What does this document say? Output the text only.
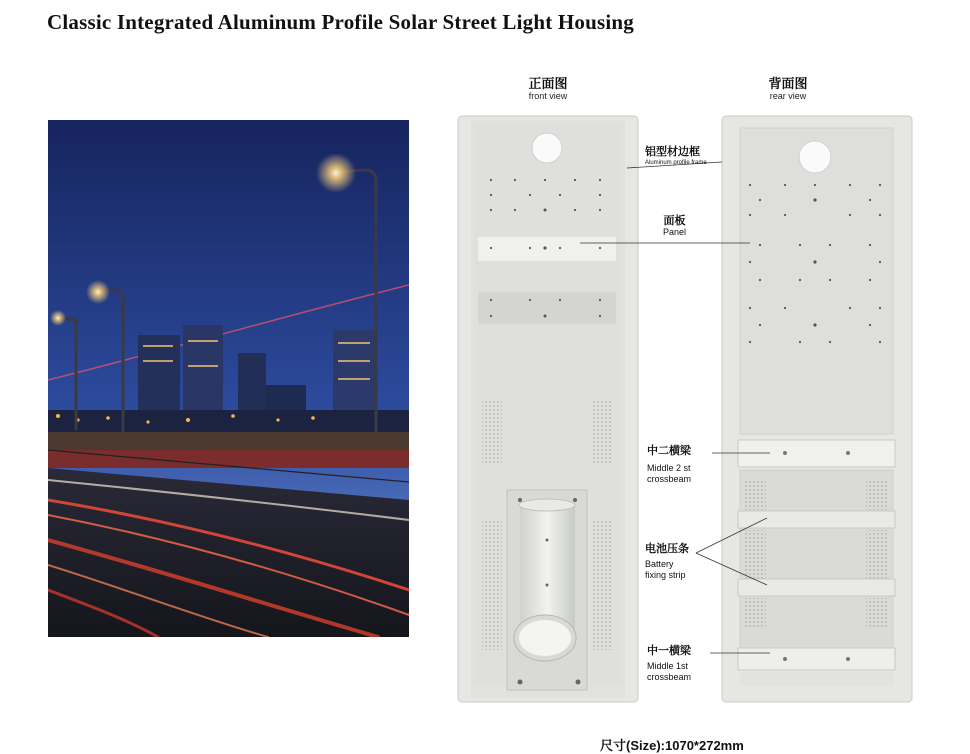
Classic Integrated Aluminum Profile Solar Street Light Housing
正面图
front view
背面图
rear view
铝型材边框
Aluminum profile frame
面板
Panel
中二横梁
Middle 2 st
crossbeam
电池压条
Battery
fixing strip
中一横梁
Middle 1st
crossbeam
尺寸(Size):1070*272mm
